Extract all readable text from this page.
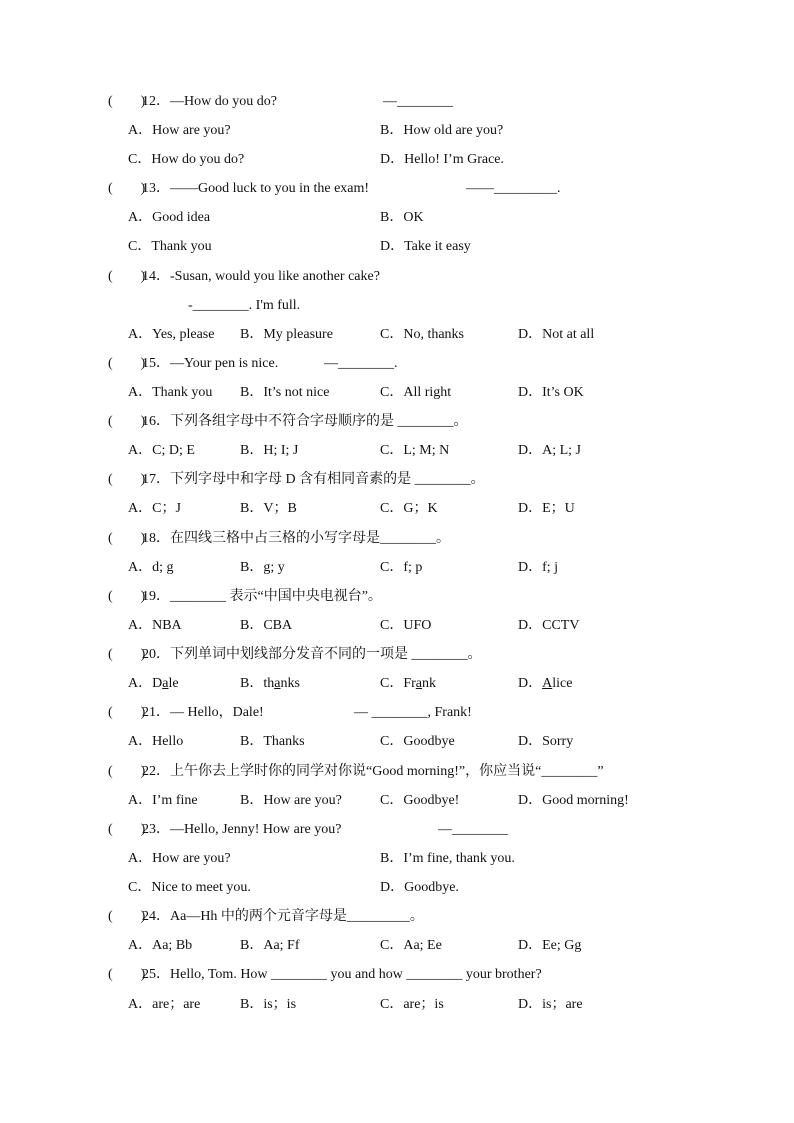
(　　)12．—How do you do?	—________
A．How are you?	B．How old are you?
C．How do you do?	D．Hello! I’m Grace.
(　　)13．——Good luck to you in the exam!	——_________.
A．Good idea	B．OK
C．Thank you	D．Take it easy
(　　)14．-Susan, would you like another cake?
-________. I'm full.
A．Yes, please B．My pleasure	C．No, thanks	D．Not at all
(　　)15．—Your pen is nice.	—________.
A．Thank you B．It’s not nice	C．All right	D．It’s OK
(　　)16．下列各组字母中不符合字母顺序的是 ________。
A．C; D; E	B．H; I; J	C．L; M; N	D．A; L; J
(　　)17．下列字母中和字母 D 含有相同音素的是 ________。
A．C；J	B．V；B	C．G；K	D．E；U
(　　)18．在四线三格中占三格的小写字母是________。
A．d; g	B．g; y	C．f; p	D．f; j
(　　)19．________ 表示“中国中央电视台”。
A．NBA	B．CBA	C．UFO	D．CCTV
(　　)20．下列单词中划线部分发音不同的一项是 ________。
A．Dale	B．thanks	C．Frank	D．Alice
(　　)21．— Hello，Dale!	— ________, Frank!
A．Hello	B．Thanks	C．Goodbye	D．Sorry
(　　)22．上午你去上学时你的同学对你说“Good morning!”，你应当说“________”
A．I’m fine	B．How are you?	C．Goodbye!	D．Good morning!
(　　)23．—Hello, Jenny! How are you?	—________
A．How are you?	B．I’m fine, thank you.
C．Nice to meet you.	D．Goodbye.
(　　)24．Aa—Hh 中的两个元音字母是_________。
A．Aa; Bb	B．Aa; Ff	C．Aa; Ee	D．Ee; Gg
(　　)25．Hello, Tom. How ________ you and how ________ your brother?
A．are；are	B．is；is	C．are；is	D．is；are
